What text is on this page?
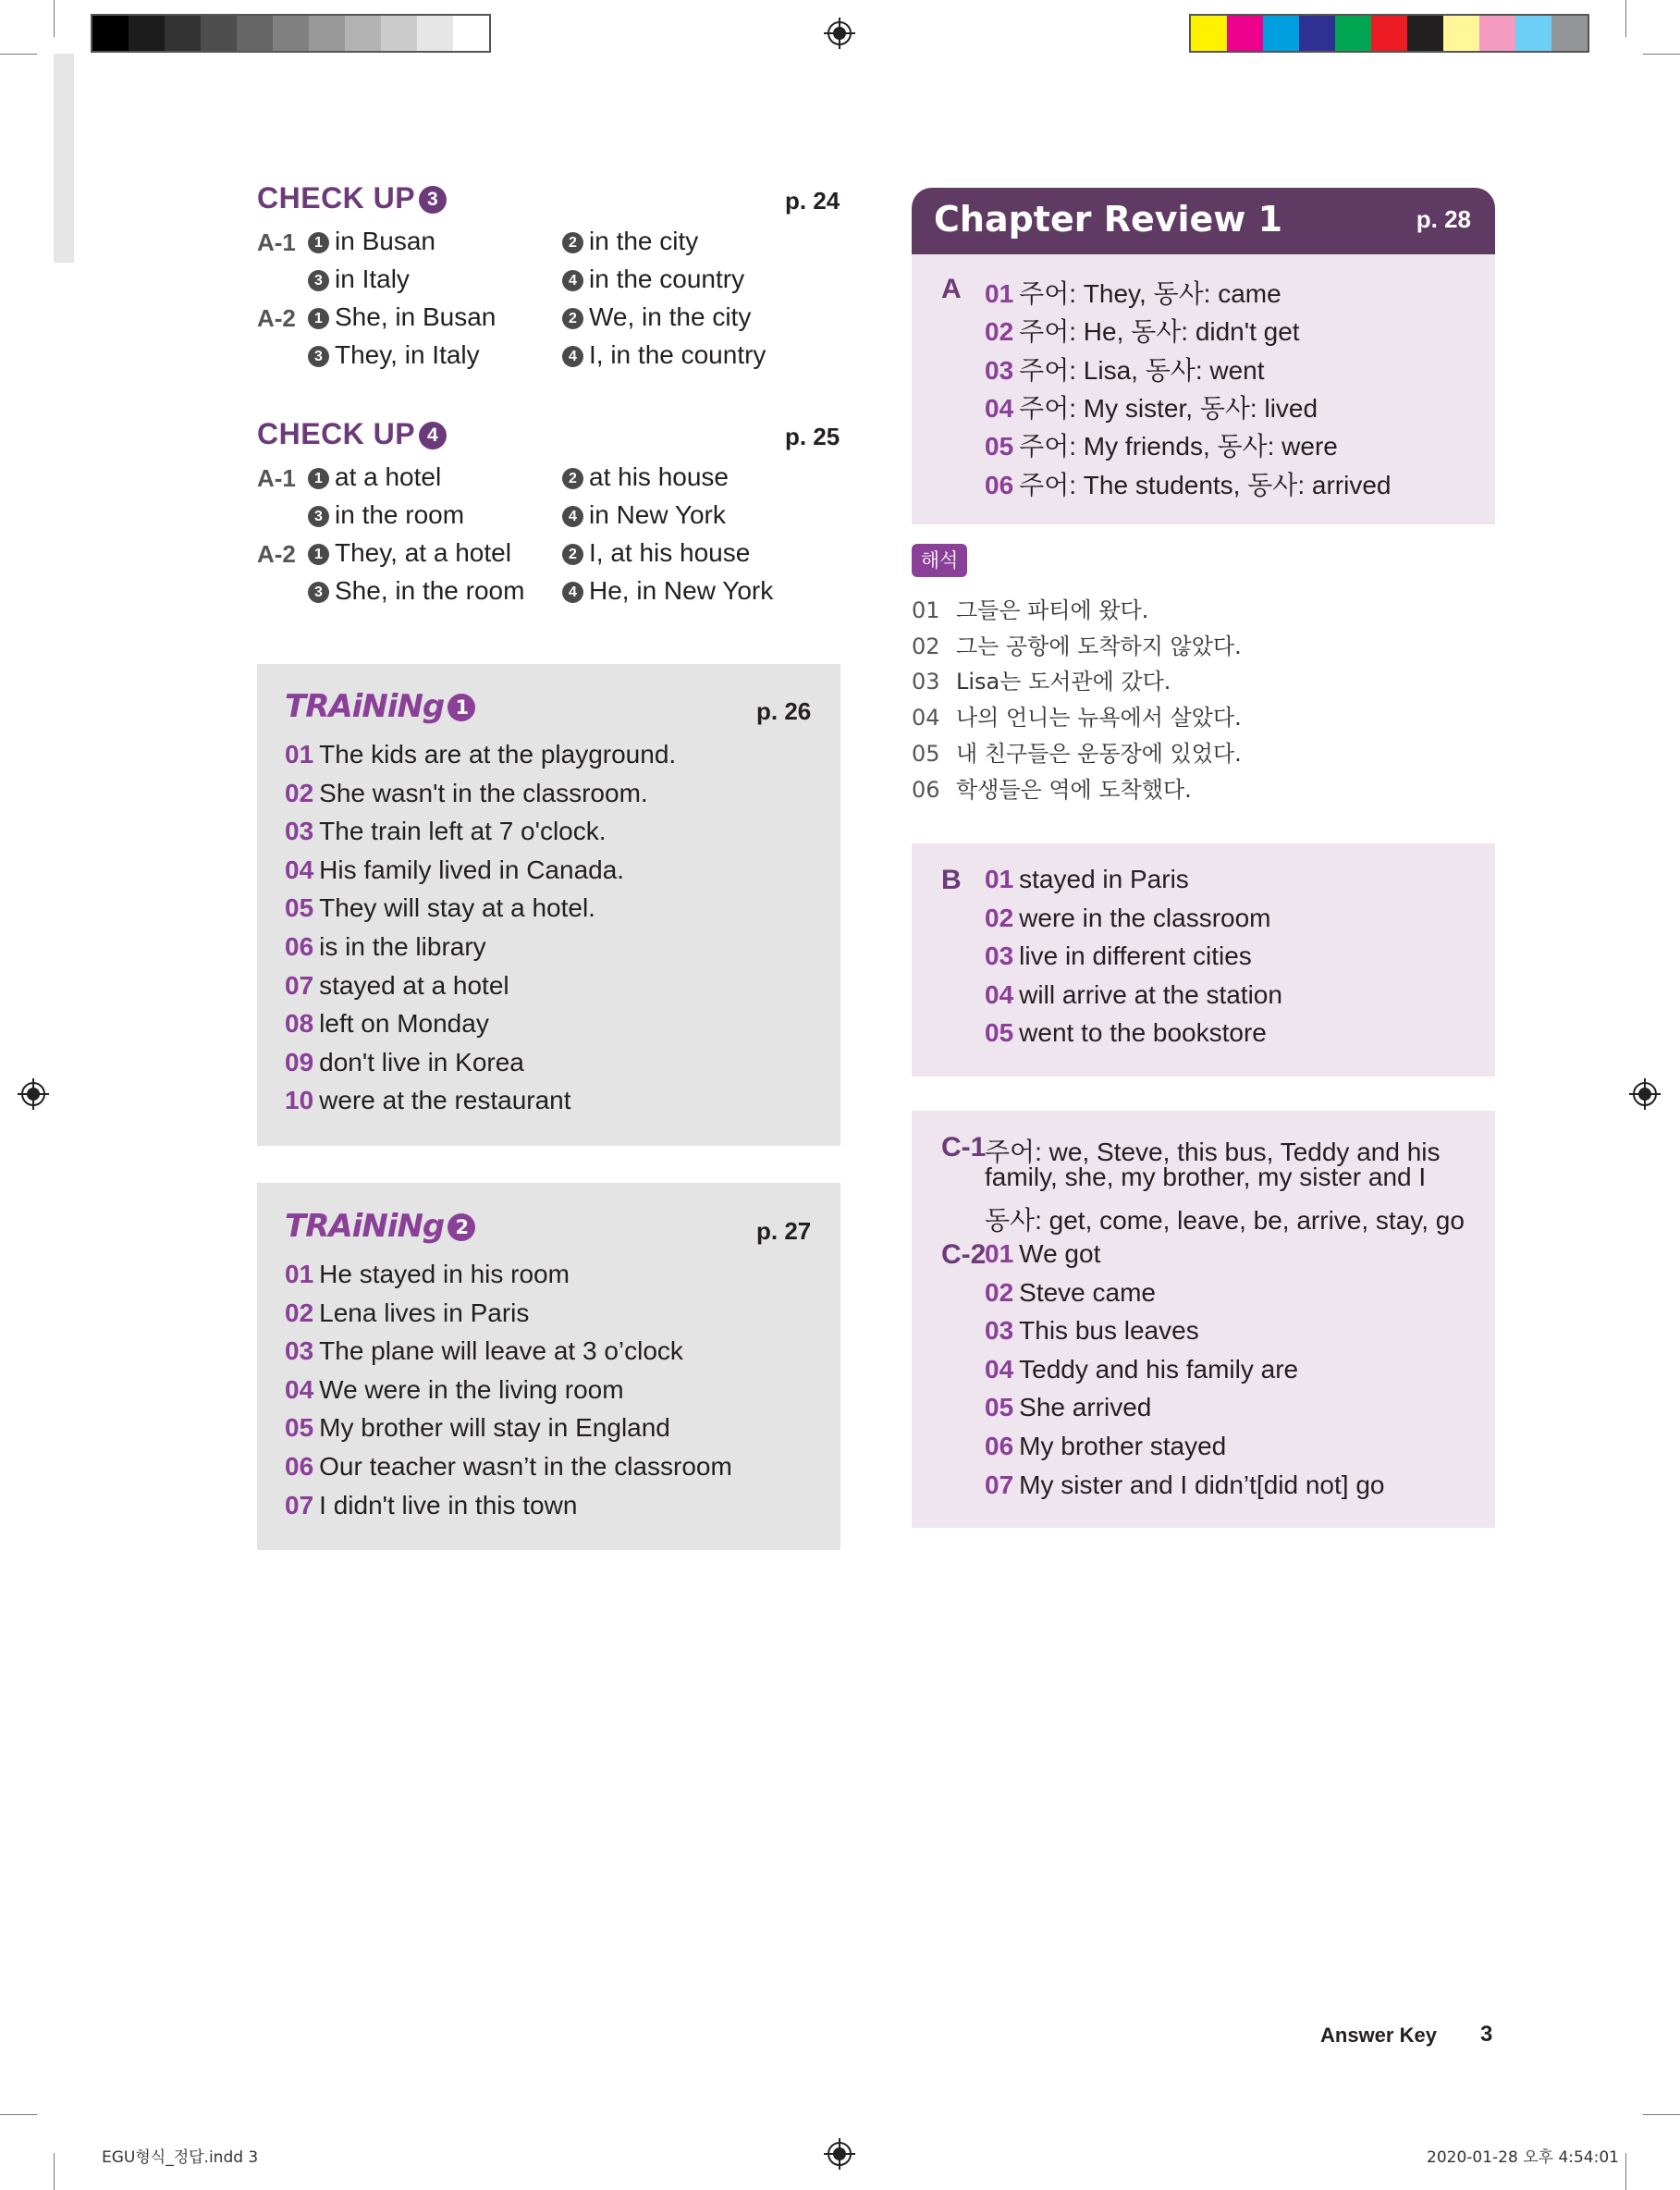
CHECK UP 3	p. 24
A-1	1 in Busan	2 in the city
3 in Italy	4 in the country
A-2	1 She, in Busan	2 We, in the city
3 They, in Italy	4 I, in the country
CHECK UP 4	p. 25
A-1	1 at a hotel	2 at his house
3 in the room	4 in New York
A-2	1 They, at a hotel	2 I, at his house
3 She, in the room	4 He, in New York
TRAiNiNg 1	p. 26
01 The kids are at the playground.
02 She wasn't in the classroom.
03 The train left at 7 o'clock.
04 His family lived in Canada.
05 They will stay at a hotel.
06 is in the library
07 stayed at a hotel
08 left on Monday
09 don't live in Korea
10 were at the restaurant
TRAiNiNg 2	p. 27
01 He stayed in his room
02 Lena lives in Paris
03 The plane will leave at 3 o’clock
04 We were in the living room
05 My brother will stay in England
06 Our teacher wasn’t in the classroom
07 I didn't live in this town
Chapter Review 1	p. 28
A 01 주어: They, 동사: came
02 주어: He, 동사: didn't get
03 주어: Lisa, 동사: went
04 주어: My sister, 동사: lived
05 주어: My friends, 동사: were
06 주어: The students, 동사: arrived
해석
01 그들은 파티에 왔다.
02 그는 공항에 도착하지 않았다.
03 Lisa는 도서관에 갔다.
04 나의 언니는 뉴욕에서 살았다.
05 내 친구들은 운동장에 있었다.
06 학생들은 역에 도착했다.
B 01 stayed in Paris
02 were in the classroom
03 live in different cities
04 will arrive at the station
05 went to the bookstore
C-1
주어: we, Steve, this bus, Teddy and his
family, she, my brother, my sister and I
동사: get, come, leave, be, arrive, stay, go
C-2
01 We got
02 Steve came
03 This bus leaves
04 Teddy and his family are
05 She arrived
06 My brother stayed
07 My sister and I didn’t[did not] go
Answer Key 3
EGU형식_정답.indd 3	2020-01-28 오후 4:54:01
